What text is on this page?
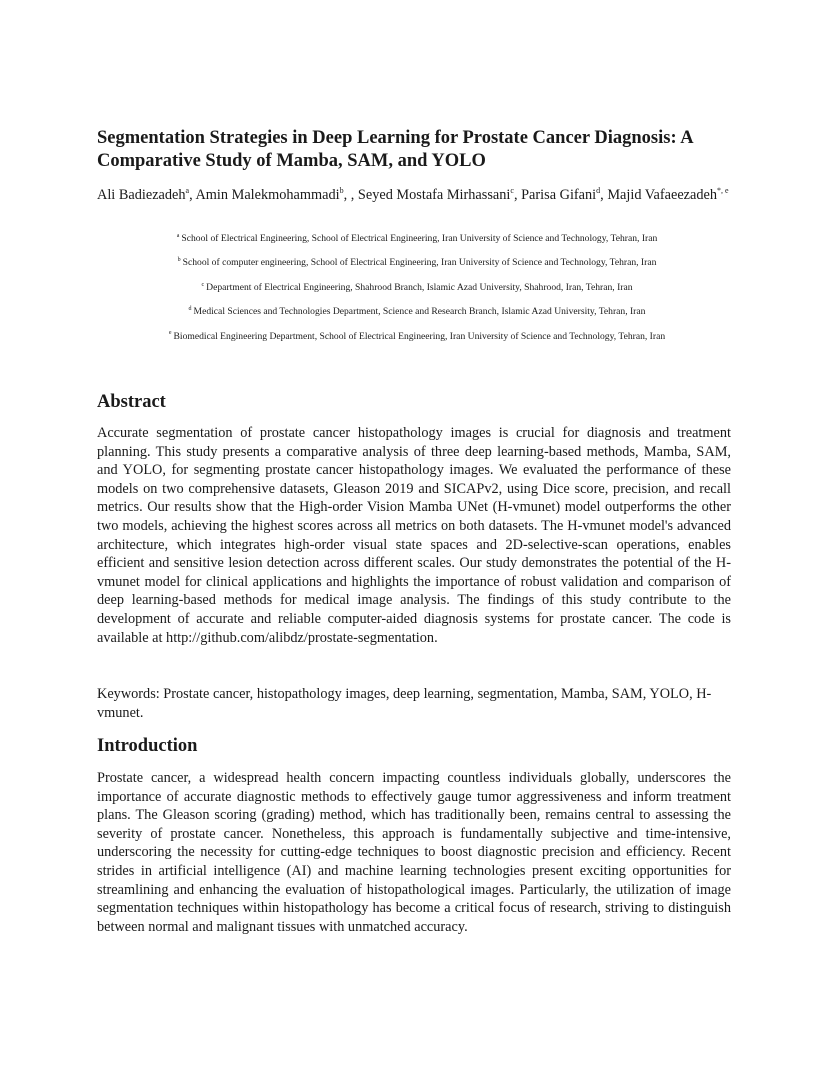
Segmentation Strategies in Deep Learning for Prostate Cancer Diagnosis: A Comparative Study of Mamba, SAM, and YOLO

Ali Badiezadeh$^a$, Amin Malekmohammadi$^b$, , Seyed Mostafa Mirhassani$^c$, Parisa Gifani$^d$, Majid Vafaeezadeh$^{*, e}$

$^a$ School of Electrical Engineering, School of Electrical Engineering, Iran University of Science and Technology, Tehran, Iran

$^b$ School of computer engineering, School of Electrical Engineering, Iran University of Science and Technology, Tehran, Iran

$^c$ Department of Electrical Engineering, Shahrood Branch, Islamic Azad University, Shahrood, Iran, Tehran, Iran

$^d$ Medical Sciences and Technologies Department, Science and Research Branch, Islamic Azad University, Tehran, Iran

$^e$ Biomedical Engineering Department, School of Electrical Engineering, Iran University of Science and Technology, Tehran, Iran

Abstract

Accurate segmentation of prostate cancer histopathology images is crucial for diagnosis and treatment planning. This study presents a comparative analysis of three deep learning-based methods, Mamba, SAM, and YOLO, for segmenting prostate cancer histopathology images. We evaluated the performance of these models on two comprehensive datasets, Gleason 2019 and SICAPv2, using Dice score, precision, and recall metrics. Our results show that the High-order Vision Mamba UNet (H-vmunet) model outperforms the other two models, achieving the highest scores across all metrics on both datasets. The H-vmunet model's advanced architecture, which integrates high-order visual state spaces and 2D-selective-scan operations, enables efficient and sensitive lesion detection across different scales. Our study demonstrates the potential of the H-vmunet model for clinical applications and highlights the importance of robust validation and comparison of deep learning-based methods for medical image analysis. The findings of this study contribute to the development of accurate and reliable computer-aided diagnosis systems for prostate cancer. The code is available at http://github.com/alibdz/prostate-segmentation.

Keywords: Prostate cancer, histopathology images, deep learning, segmentation, Mamba, SAM, YOLO, H-vmunet.

Introduction

Prostate cancer, a widespread health concern impacting countless individuals globally, underscores the importance of accurate diagnostic methods to effectively gauge tumor aggressiveness and inform treatment plans. The Gleason scoring (grading) method, which has traditionally been, remains central to assessing the severity of prostate cancer. Nonetheless, this approach is fundamentally subjective and time-intensive, underscoring the necessity for cutting-edge techniques to boost diagnostic precision and efficiency. Recent strides in artificial intelligence (AI) and machine learning technologies present exciting opportunities for streamlining and enhancing the evaluation of histopathological images. Particularly, the utilization of image segmentation techniques within histopathology has become a critical focus of research, striving to distinguish between normal and malignant tissues with unmatched accuracy.
